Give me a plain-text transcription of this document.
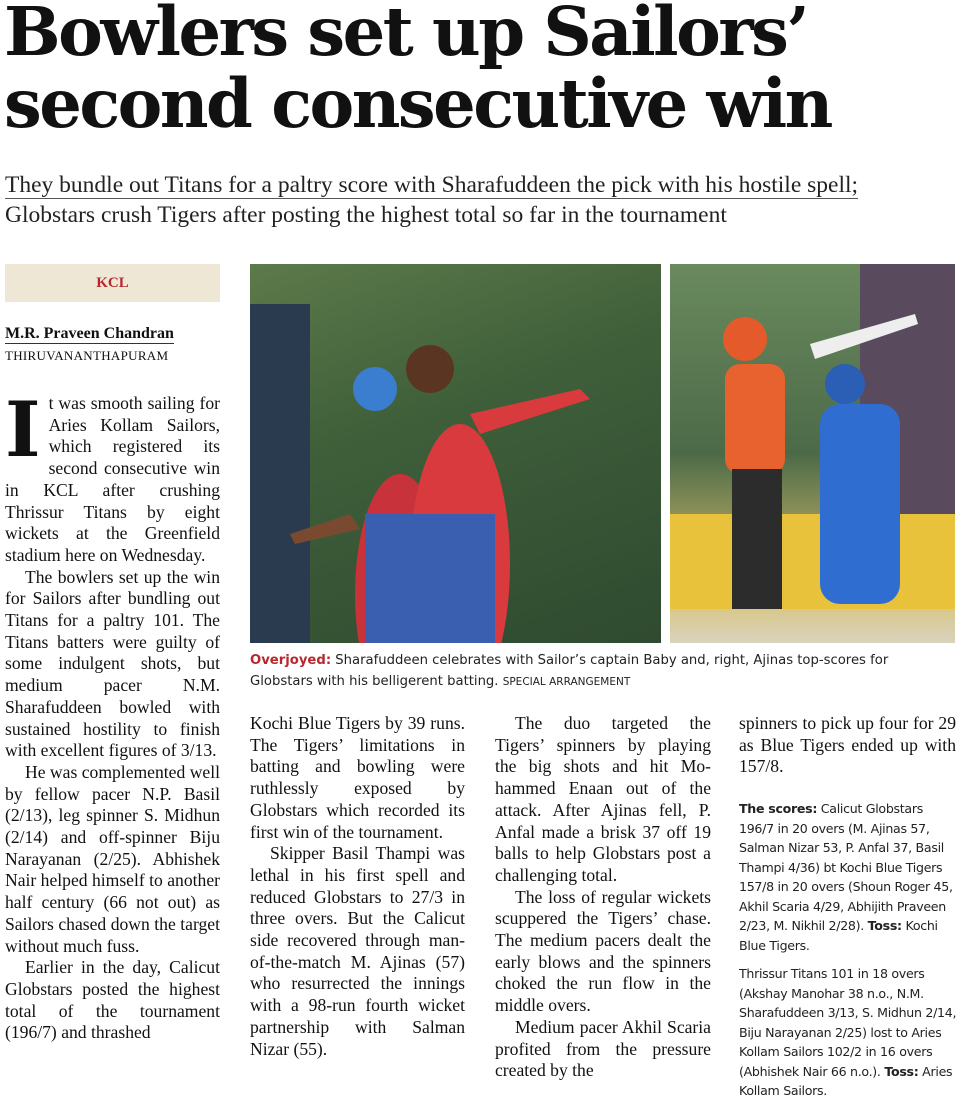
Bowlers set up Sailors’
second consecutive win
They bundle out Titans for a paltry score with Sharafuddeen the pick with his hostile spell;
Globstars crush Tigers after posting the highest total so far in the tournament
KCL
M.R. Praveen Chandran
THIRUVANANTHAPURAM

It was smooth sailing for Aries Kollam Sailors, which registered its second consecutive win in KCL after crushing Thrissur Titans by eight wickets at the Greenfield stadium here on Wednesday.

The bowlers set up the win for Sailors after bundling out Titans for a paltry 101. The Titans batters were guilty of some indulgent shots, but medium pacer N.M. Sharafuddeen bowled with sustained hostility to finish with excellent figures of 3/13.

He was complemented well by fellow pacer N.P. Basil (2/13), leg spinner S. Midhun (2/14) and off-spinner Biju Narayanan (2/25). Abhishek Nair helped himself to another half century (66 not out) as Sailors chased down the target without much fuss.

Earlier in the day, Calicut Globstars posted the highest total of the tournament (196/7) and thrashed

Overjoyed: Sharafuddeen celebrates with Sailor’s captain Baby and, right, Ajinas top-scores for Globstars with his belligerent batting. SPECIAL ARRANGEMENT

Kochi Blue Tigers by 39 runs. The Tigers’ limitations in batting and bowling were ruthlessly exposed by Globstars which recorded its first win of the tournament.

Skipper Basil Thampi was lethal in his first spell and reduced Globstars to 27/3 in three overs. But the Calicut side recovered through man-of-the-match M. Ajinas (57) who resurrected the innings with a 98-run fourth wicket partnership with Salman Nizar (55).

The duo targeted the Tigers’ spinners by playing the big shots and hit Mohammed Enaan out of the attack. After Ajinas fell, P. Anfal made a brisk 37 off 19 balls to help Globstars post a challenging total.

The loss of regular wickets scuppered the Tigers’ chase. The medium pacers dealt the early blows and the spinners choked the run flow in the middle overs.

Medium pacer Akhil Scaria profited from the pressure created by the

spinners to pick up four for 29 as Blue Tigers ended up with 157/8.

The scores: Calicut Globstars 196/7 in 20 overs (M. Ajinas 57, Salman Nizar 53, P. Anfal 37, Basil Thampi 4/36) bt Kochi Blue Tigers 157/8 in 20 overs (Shoun Roger 45, Akhil Scaria 4/29, Abhijith Praveen 2/23, M. Nikhil 2/28). Toss: Kochi Blue Tigers.

Thrissur Titans 101 in 18 overs (Akshay Manohar 38 n.o., N.M. Sharafuddeen 3/13, S. Midhun 2/14, Biju Narayanan 2/25) lost to Aries Kollam Sailors 102/2 in 16 overs (Abhishek Nair 66 n.o.). Toss: Aries Kollam Sailors.
